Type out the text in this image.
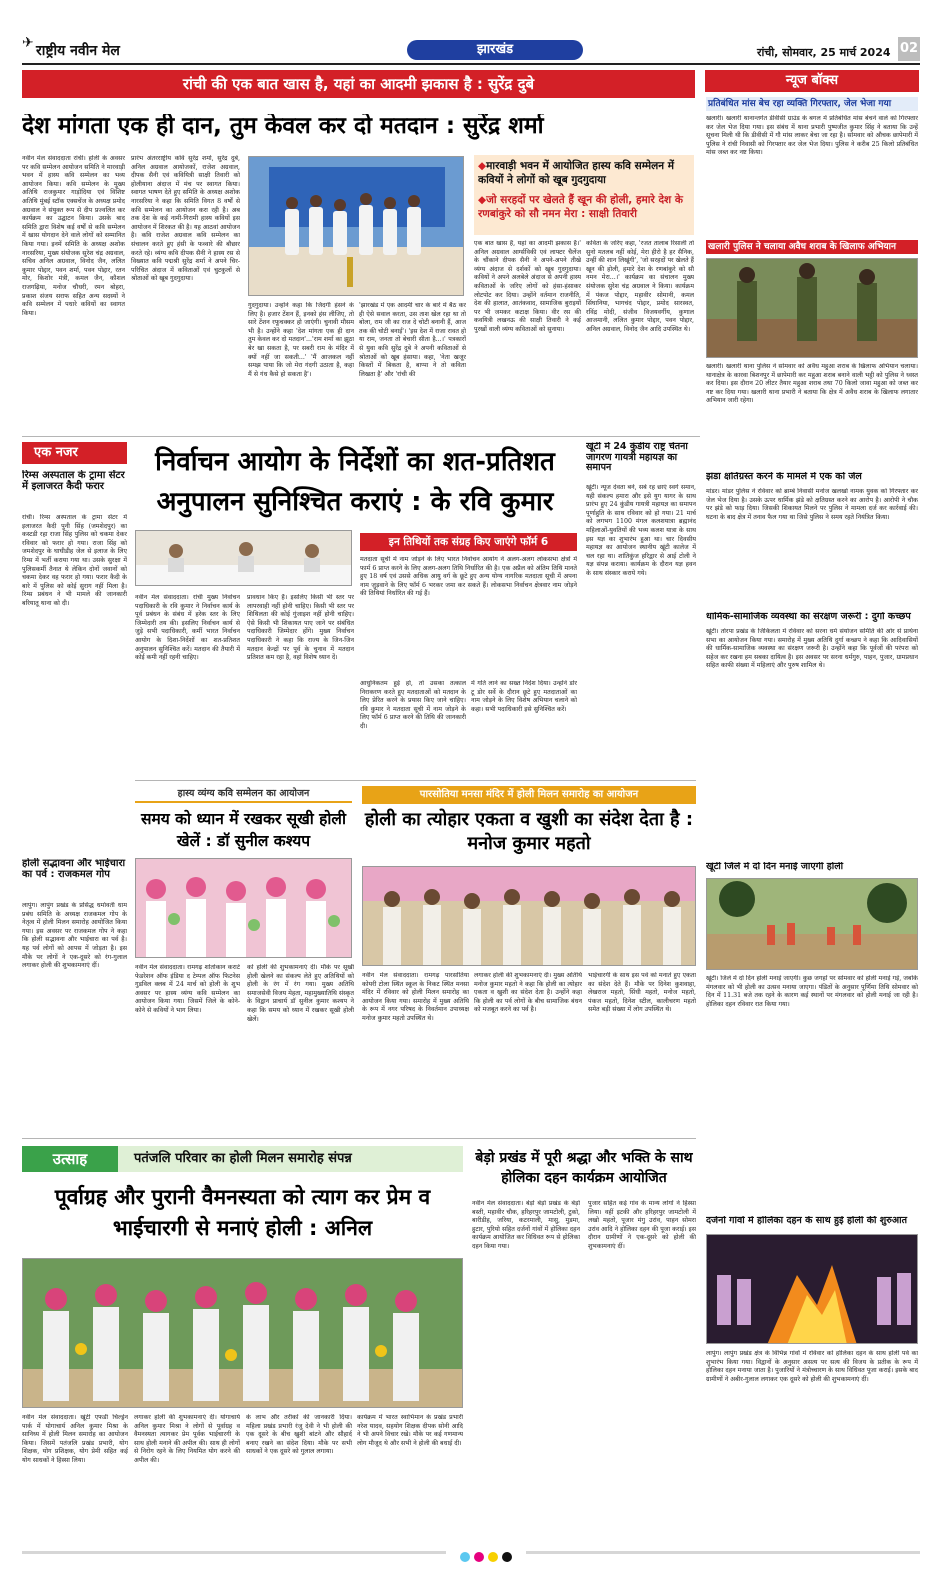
✈ राष्ट्रीय नवीन मेल	झारखंड	रांची, सोमवार, 25 मार्च 2024 02
रांची की एक बात खास है, यहां का आदमी झकास है : सुरेंद्र दुबे
देश मांगता एक ही दान, तुम केवल कर दो मतदान : सुरेंद्र शर्मा
नवीन मेल संवाददाता रांची। होली के अवसर पर कवि सम्मेलन आयोजन समिति ने मारवाड़ी भवन में हास्य कवि सम्मेलन का भव्य आयोजन किया। कवि सम्मेलन के मुख्य अतिथि राजकुमार गाड़ोदिया एवं विशिष्ट अतिथि मुंबई स्टॉक एक्सचेंज के अध्यक्ष प्रमोद अग्रवाल ने संयुक्त रूप से दीप प्रज्वलित कर कार्यक्रम का उद्घाटन किया। उसके बाद समिति द्वारा विशेष कई वर्षों से कवि सम्मेलन में खास योगदान देने वाले लोगों को सम्मानित किया गया। इनमें समिति के अध्यक्ष अशोक नारसरिया, मुख्य संयोजक सुरेश चंद्र अग्रवाल, सचिव अनिल अग्रवाल, विनोद जैन, ललित कुमार पोद्दार, पवन शर्मा, पवन पोद्दार, रतन मोर, किशोर मंत्री, कमल जैन, कौशल राजगढ़िया, मनोज चौधरी, रमन बोहरा, प्रकाश संजय सराफ सहित अन्य सदस्यों ने कवि सम्मेलन में पधारे कवियों का स्वागत किया।
प्रारंभ अंतरराष्ट्रीय कवि सुरेंद्र शर्मा, सुरेंद्र दुबे, अनिल अग्रवाल आयोजकों, राजेश अग्रवाल, दीपक सैनी एवं कवियित्री साक्षी तिवारी को होलीयाना अंदाज में मंच पर स्वागत किया। स्वागत भाषण देते हुए समिति के अध्यक्ष अशोक नारसरिया ने कहा कि समिति विगत 8 वर्षों से कवि सम्मेलन का आयोजन करा रही है। अब तक देश के कई नामी-गिरामी हास्य कवियों इस आयोजन में शिरकत की है। यह आठवां आयोजन है। कवि राजेश अग्रवाल कवि सम्मेलन का संचालन करते हुए हंसी के फव्वारे की बौछार करते रहे। व्यंग्य कवि दीपक सैनी ने हास्य रस से विख्यात कवि पद्मश्री सुरेंद्र शर्मा ने अपने चिर-परिचित अंदाज में कविताओं एवं चुटकुलों से श्रोताओं को खूब गुदगुदाया।
गुदगुदाया। उन्होंने कहा कि जिंदगी हंसने के लिए है। हजार टेंशन हैं, इनको हंस लीजिए, तो सारे टेंशन रफूचक्कर हो जाएंगी। चुनावी मौसम भी है। उन्होंने कहा 'देश मांगता एक ही दान तुम केवल कर दो मतदान'...'राम शर्मा का झूठा बेर खा सकता है, पर सबरी राम के मंदिर में क्यों नहीं जा सकती...' 'मैं आजकल नहीं समझ पाया कि जो मेरा गंदगी उठाता है, कहा मैं से गंध कैसे हो सकता है'।
'झारखंड में एक आदमी चार के बारे में बैठ कर ही ऐसे सवाल करता, उस ताश खेल रहा था तो बोला, राम जी का राज दे चोटी बनानी हैं, आज तक की चोटी बनाई'। 'इस देश में राजा रावत हो या राम, जनता तो बेचारी सीता है...।' पत्रकारों से युवा कवि सुरेंद्र दुबे ने अपनी कविताओं से श्रोताओं को खूब हंसाया। कहा, 'नेता खजूर किस्तों में बिकता है, बाप्पा ने तो कविता लिखता है' और 'रांची की
◆मारवाड़ी भवन में आयोजित हास्य कवि सम्मेलन में कवियों ने लोगों को खूब गुदगुदाया
◆जो सरहदों पर खेलते हैं खून की होली, हमारे देश के रणबांकुरे को सौ नमन मेरा : साक्षी तिवारी
एक बात खास है, यहां का आदमी झकास है।' अनिल अग्रवाल आर्ग्सविकी एवं लाफ्टर चैलेंज के चौंकाने दीपक सैनी ने अपने-अपने तीखे व्यंग्य अंदाज से दर्शकों को खूब गुदगुदाया। कवियों ने अपने अलबेले अंदाज से अपनी हास्य कविताओं के जरिए लोगों को हंसा-हंसाकर लोटपोट कर दिया। उन्होंने वर्तमान राजनीति, देश की हालात, आतंकवाद, सामाजिक बुराइयों पर भी जमकर कटाक्ष किया। वीर रस की कवयित्री लखनऊ की साक्षी तिवारी ने कई पुरखों वाली व्यंग्य कविताओं को सुनाया।
कविता के जरिए कहा, 'रजत तालाब रिसाली तो सुनो मतलब नहीं कोई, मेरा हीरो है हर सैनिक, उन्हीं की शान लिखूंगी', 'जो सरहदों पर खेलते हैं खून की होली, हमारे देश के रणबांकुरे को सौ नमन मेरा...।' कार्यक्रम का संचालन मुख्य संयोजक सुरेश चंद्र अग्रवाल ने किया। कार्यक्रम में पंकज पोद्दार, महावीर सोमानी, कमल सिंघानिया, भागचंद पोद्दार, प्रमोद सारस्वत, रविंद्र मोदी, संजीव विजयवर्गीय, कुणाल आजमानी, ललित कुमार पोद्दार, पवन पोद्दार, अनिल अग्रवाल, विनोद जैन आदि उपस्थित थे।
न्यूज बॉक्स
प्रतिबंधित मांस बेच रहा व्यक्ति गिरफ्तार, जेल भेजा गया
खलारी। खलारी थानान्तर्गत डीवीसी ग्राउंड के बगल में प्रतिबंधित मांस बेचने वाले को गिरफ्तार कर जेल भेज दिया गया। इस संबंध में थाना प्रभारी पुष्पजीत कुमार सिंह ने बताया कि उन्हें सूचना मिली थी कि डीवीसी में गौ मांस लाकर बेचा जा रहा है। सोमवार को औचक छापेमारी में पुलिस ने रांची निवासी को गिरफ्तार कर जेल भेज दिया। पुलिस ने करीब 25 किलो प्रतिबंधित मांस जब्त कर नष्ट किया।
खलारी पुलिस ने चलाया अवैध शराब के खिलाफ अभियान
खलारी। खलारी थाना पुलिस ने सोमवार को अवैध महुआ शराब के खिलाफ अभियान चलाया। थानाक्षेत्र के कारवा बिशनपुर में छापेमारी कर महुआ शराब बनाने वाली भट्ठी को पुलिस ने ध्वस्त कर दिया। इस दौरान 20 लीटर तैयार महुआ शराब तथा 70 किलो जावा महुआ को जब्त कर नष्ट कर दिया गया। खलारी थाना प्रभारी ने बताया कि क्षेत्र में अवैध शराब के खिलाफ लगातार अभियान जारी रहेगा।
झंडा क्षतिग्रस्त करने के मामले में एक को जेल
मांडर। मांडर पुलिस ने रविवार को ब्राम्बे निवासी मनोज खलखो नामक युवक को गिरफ्तार कर जेल भेज दिया है। उसके ऊपर धार्मिक झंडे को क्षतिग्रस्त करने का आरोप है। आरोपी ने चौक पर झंडे को फाड़ दिया। जिसकी शिकायत मिलने पर पुलिस ने मामला दर्ज कर कार्रवाई की। घटना के बाद क्षेत्र में तनाव फैल गया था जिसे पुलिस ने समय रहते नियंत्रित किया।
धार्मिक-सामाजिक व्यवस्था का संरक्षण जरूरी : दुर्गा कच्छप
खूंटी। तोरपा प्रखंड के जिकिलता में रविवार को सरना धर्म संयोजन समिति की ओर से प्रार्थना सभा का आयोजन किया गया। समारोह में मुख्य अतिथि दुर्गा कच्छप ने कहा कि आदिवासियों की धार्मिक-सामाजिक व्यवस्था का संरक्षण जरूरी है। उन्होंने कहा कि पूर्वजों की परंपरा को सहेज कर रखना हम सबका दायित्व है। इस अवसर पर सरना धर्मगुरु, पाहन, पुजार, ग्रामप्रधान सहित काफी संख्या में महिलाएं और पुरुष शामिल थे।
खूंटी जिले में दो दिन मनाई जाएगी होली
खूंटी। जिले में दो दिन होली मनाई जाएगी। कुछ जगहों पर सोमवार को होली मनाई गई, जबकि मंगलवार को भी होली का उत्सव मनाया जाएगा। पंडितों के अनुसार पूर्णिमा तिथि सोमवार को दिन में 11.31 बजे तक रहने के कारण कई स्थानों पर मंगलवार को होली मनाई जा रही है। होलिका दहन रविवार रात किया गया।
दर्जनों गांवों में होलिका दहन के साथ हुई होली की शुरुआत
लापुंग। लापुंग प्रखंड क्षेत्र के विभिन्न गांवों में रविवार को होलिका दहन के साथ होली पर्व का शुभारंभ किया गया। विद्वानों के अनुसार असत्य पर सत्य की विजय के प्रतीक के रूप में होलिका दहन मनाया जाता है। पुजारियों ने मंत्रोच्चारण के साथ विधिवत पूजा कराई। इसके बाद ग्रामीणों ने अबीर-गुलाल लगाकर एक दूसरे को होली की शुभकामनाएं दीं।
एक नजर
रिम्स अस्पताल के ट्रामा सेंटर में इलाजरत कैदी फरार
रांची। रिम्स अस्पताल के ट्रामा सेंटर में इलाजरत कैदी पुनी सिंह (जमशेदपुर) का कस्टडी रहा राजा सिंह पुलिस को चकमा देकर रविवार को फरार हो गया। राजा सिंह को जमशेदपुर के घाघीडीह जेल से इलाज के लिए रिम्स में भर्ती कराया गया था। उसके सुरक्षा में पुलिसकर्मी तैनात थे लेकिन दोनों जवानों को चकमा देकर वह फरार हो गया। फरार कैदी के बारे में पुलिस को कोई सुराग नहीं मिला है। रिम्स प्रबंधन ने भी मामले की जानकारी बरियातू थाना को दी।
होली सद्भावना और भाईचारा का पर्व : राजकमल गोप
लापुंग। लापुंग प्रखंड के प्रसिद्ध धर्मावती धाम प्रबंध समिति के अध्यक्ष राजकमल गोप के नेतृत्व में होली मिलन समारोह आयोजित किया गया। इस अवसर पर राजकमल गोप ने कहा कि होली सद्भावना और भाईचारा का पर्व है। यह पर्व लोगों को आपस में जोड़ता है। इस मौके पर लोगों ने एक-दूसरे को रंग-गुलाल लगाकर होली की शुभकामनाएं दीं।
निर्वाचन आयोग के निर्देशों का शत-प्रतिशत अनुपालन सुनिश्चित कराएं : के रवि कुमार
इन तिथियों तक संग्रह किए जाएंगे फॉर्म 6
मतदाता सूची में नाम जोड़ने के लिए भारत निर्वाचन आयोग ने अलग-अलग लोकसभा क्षेत्रों में फार्म 6 प्राप्त करने के लिए अलग-अलग तिथि निर्धारित की है। एक अप्रैल को अंतिम तिथि मानते हुए 18 वर्ष एवं उससे अधिक आयु वर्ग के छूटे हुए अन्य योग्य नागरिक मतदाता सूची में अपना नाम जुड़वाने के लिए फॉर्म 6 भरकर जमा कर सकते हैं। लोकसभा निर्वाचन क्षेत्रवार नाम जोड़ने की तिथियां निर्धारित की गई हैं।
नवीन मेल संवाददाता। रांची मुख्य निर्वाचन पदाधिकारी के रवि कुमार ने निर्वाचन कार्य के पूर्व प्रबंधन के संबंध में हरेक स्तर के लिए जिम्मेदारी तय की। इसलिए निर्वाचन कार्य से जुड़े सभी पदाधिकारी, कर्मी भारत निर्वाचन आयोग के दिशा-निर्देशों का शत-प्रतिशत अनुपालन सुनिश्चित करें। मतदान की तैयारी में कोई कमी नहीं रहनी चाहिए।
प्रावधान किए हैं। इसलिए किसी भी स्तर पर लापरवाही नहीं होनी चाहिए। किसी भी स्तर पर शिथिलता की कोई गुंजाइश नहीं होनी चाहिए। ऐसे किसी भी शिकायत पाए जाने पर संबंधित पदाधिकारी जिम्मेदार होंगे। मुख्य निर्वाचन पदाधिकारी ने कहा कि राज्य के जिन-जिन मतदान केन्द्रों पर पूर्व के चुनाव में मतदान प्रतिशत कम रहा है, वहां विशेष ध्यान दें।
आधुनिकतम हुई हो, तो उसका तत्काल निराकरण करते हुए मतदाताओं को मतदान के लिए प्रेरित करने के प्रयास किए जाने चाहिए। रवि कुमार ने मतदाता सूची में नाम जोड़ने के लिए फॉर्म 6 प्राप्त करने की तिथि की जानकारी दी।
में गति लाने का सख्त निर्देश दिया। उन्होंने डोर टू डोर सर्वे के दौरान छूटे हुए मतदाताओं का नाम जोड़ने के लिए विशेष अभियान चलाने को कहा। सभी पदाधिकारी इसे सुनिश्चित करें।
खूंटी में 24 कुंडीय राष्ट्र चेतना जागरण गायत्री महायज्ञ का समापन
खूंटी। न्यूज देवता बने, सबे रह छाएं स्वर्ग समान, यही संकल्प हमारा और इसे युग यागर के साथ प्रारंभ हुए 24 कुंडीय गायत्री महायज्ञ का समापन पूर्णाहुति के साथ रविवार को हो गया। 21 मार्च को लगभग 1100 मंगल कलशयात्रा ब्रह्मानंद महिलाओं-युवतियों की भव्य कलश यात्रा के साथ इस यज्ञ का शुभारंभ हुआ था। चार दिवसीय महायज्ञ का आयोजन स्थानीय खूंटी कालेज में चल रहा था। शांतिकुंज हरिद्वार से आई टोली ने यज्ञ संपन्न कराया। कार्यक्रम के दौरान यज्ञ हवन के साथ संस्कार कराये गये।
हास्य व्यंग्य कवि सम्मेलन का आयोजन
समय को ध्यान में रखकर सूखी होली खेलें : डॉ सुनील कश्यप
नवीन मेल संवाददाता। रामगढ़ शोतोकान कराटे फेडरेशन ऑफ इंडिया द टेम्पल ऑफ फिटनेस गुडविल क्लब में 24 मार्च को होली के शुभ अवसर पर हास्य व्यंग्य कवि सम्मेलन का आयोजन किया गया। जिसमें जिले के कोने-कोने से कवियों ने भाग लिया।
को होली की शुभकामनाएं दी। मौके पर सूखी होली खेलने का संकल्प लेते हुए अतिथियों को होली के रंग में रंग गया। मुख्य अतिथि समाजसेवी विजय मेहता, महामुख्यातिथि संस्कृत के विद्वान प्राचार्य डॉ सुनील कुमार कश्यप ने कहा कि समय को ध्यान में रखकर सूखी होली खेलें।
पारसोतिया मनसा मंदिर में होली मिलन समारोह का आयोजन
होली का त्योहार एकता व खुशी का संदेश देता है : मनोज कुमार महतो
नवीन मेल संवाददाता। रामगढ़ पारसोतिया कोयरी टोला स्थित स्कूल के निकट स्थित मनसा मंदिर में रविवार को होली मिलन समारोह का आयोजन किया गया। समारोह में मुख्य अतिथि के रूप में नगर परिषद के निवर्तमान उपाध्यक्ष मनोज कुमार महतो उपस्थित थे।
लगाकर होली की शुभकामनाएं दी। मुख्य अतिथि मनोज कुमार महतो ने कहा कि होली का त्योहार एकता व खुशी का संदेश देता है। उन्होंने कहा कि होली का पर्व लोगों के बीच सामाजिक बंधन को मजबूत करने का पर्व है।
भाईचारगी के साथ इस पर्व को मनाते हुए एकता का संदेश देते हैं। मौके पर दिनेश कुशवाहा, लेखराज महतो, सिंधी महतो, मनोज महतो, पंकज महतो, दिनेश स्टील, कालीचरण महतो समेत बड़ी संख्या में लोग उपस्थित थे।
उत्साह	पतंजलि परिवार का होली मिलन समारोह संपन्न
पूर्वाग्रह और पुरानी वैमनस्यता को त्याग कर प्रेम व भाईचारगी से मनाएं होली : अनिल
नवीन मेल संवाददाता। खूंटी एफडी चिल्ड्रेन पार्क में योगाचार्य अनिल कुमार मिश्रा के सानिध्य में होली मिलन समारोह का आयोजन किया। जिसमें पतंजलि प्रखंड प्रभारी, योग शिक्षक, योग प्रशिक्षक, योग प्रेमी सहित कई योग साधकों ने हिस्सा लिया।
लगाकर होली की शुभकामनाएं दीं। योगाचार्य अनिल कुमार मिश्रा ने लोगों से पूर्वाग्रह व वैमनस्यता त्यागकर प्रेम पूर्वक भाईचारगी के साथ होली मनाने की अपील की। साथ ही लोगों से निरोग रहने के लिए नियमित योग करने की अपील की।
के लाभ और तरीकों की जानकारी दिया। महिला प्रखंड प्रभारी रंजु देवी ने भी होली की एक दूसरे के बीच खुशी बांटने और सौहार्द बनाए रखने का संदेश दिया। मौके पर सभी साधकों ने एक दूसरे को गुलाल लगाया।
कार्यक्रम में भारत स्वाभिमान के प्रखंड प्रभारी नरेश यादव, सहयोग शिक्षक दीपक सोनी आदि ने भी अपने विचार रखे। मौके पर कई गणमान्य लोग मौजूद थे और सभी ने होली की बधाई दी।
बेड़ो प्रखंड में पूरी श्रद्धा और भक्ति के साथ होलिका दहन कार्यक्रम आयोजित
नवीन मेल संवाददाता। बेड़ो बेड़ो प्रखंड के बेड़ो बस्ती, महावीर चौक, हरिहरपुर जामटोली, टुको, बारीडीह, जरिया, कटरमाली, मासु, मुडमा, हुटार, पुरियो सहित दर्जनों गांवों में होलिका दहन कार्यक्रम आयोजित कर विधिवत रूप से होलिका दहन किया गया।
पुजार सहित कई गांव के मान्य लोगों ने हिस्सा लिया। वहीं इटकी और हरिहरपुर जामटोली में लखो महतो, पूजार मंगु उरांव, पाहन सोमरा उरांव आदि ने होलिका दहन की पूजा कराई। इस दौरान ग्रामीणों ने एक-दूसरे को होली की शुभकामनाएं दीं।
